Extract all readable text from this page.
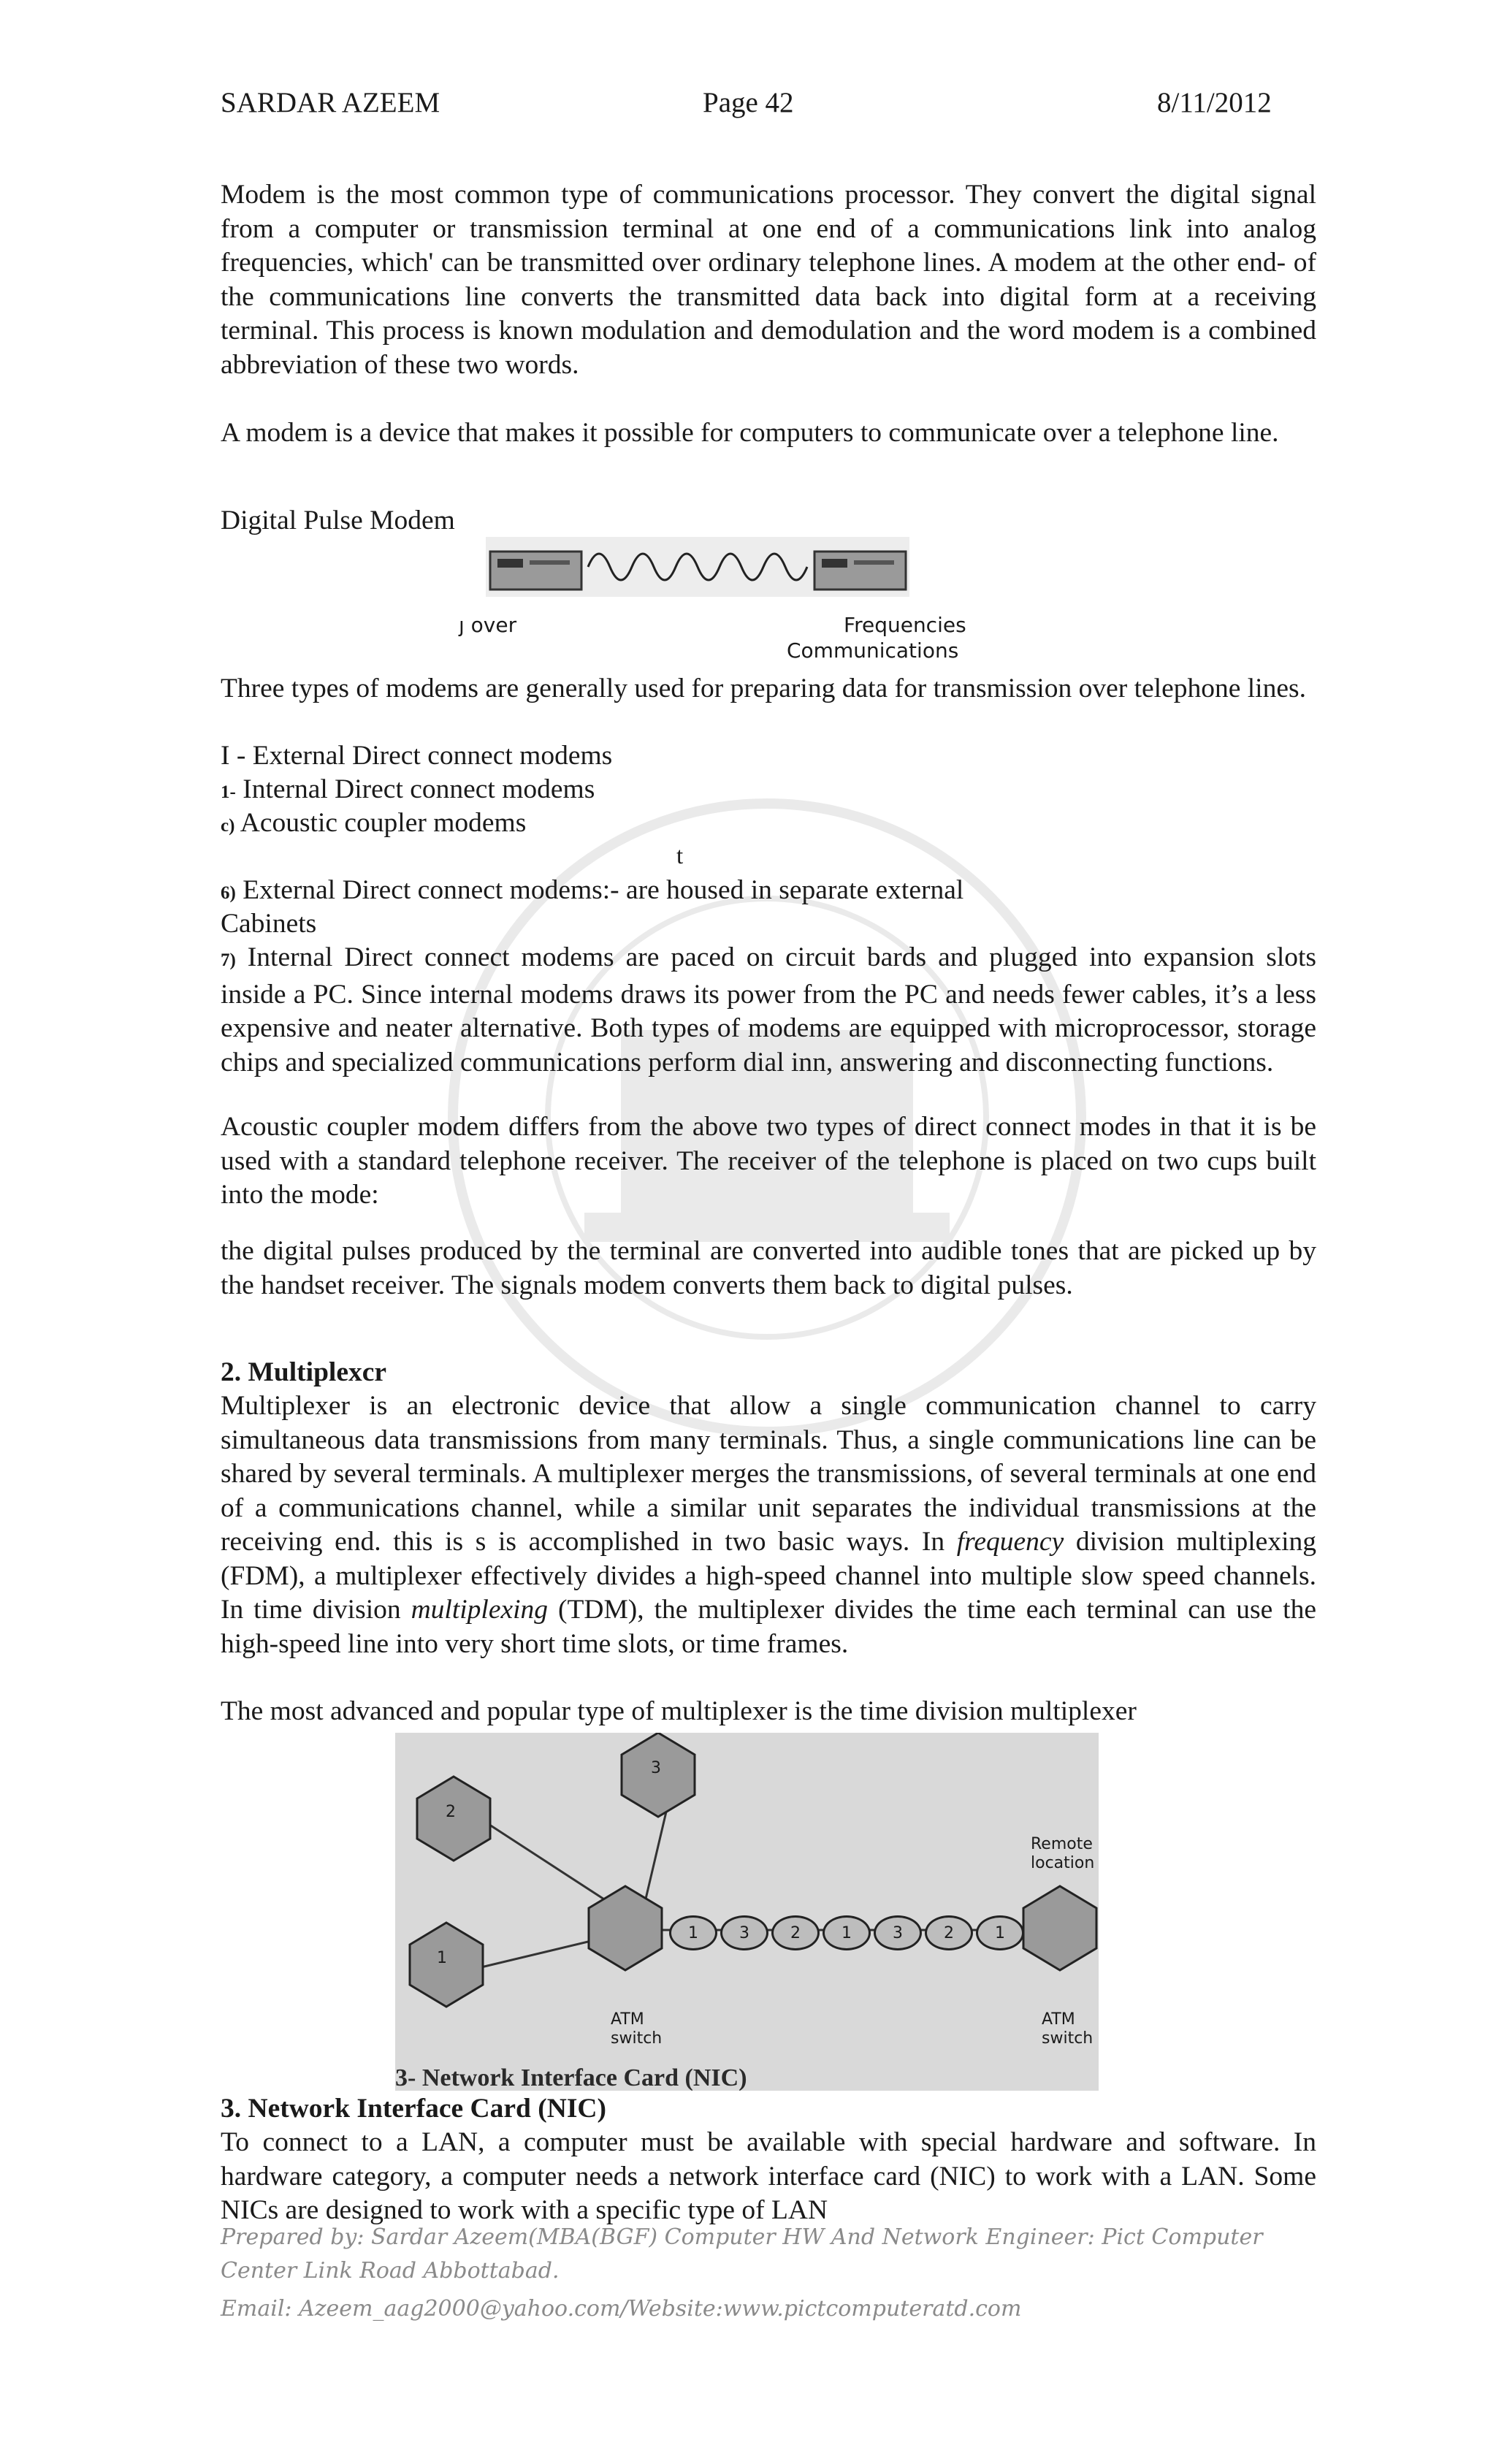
SARDAR AZEEM	Page 42	8/11/2012

Modem is the most common type of communications processor. They convert the digital signal from a computer or transmission terminal at one end of a communications link into analog frequencies, which' can be transmitted over ordinary telephone lines. A modem at the other end- of the communications line converts the transmitted data back into digital form at a receiving terminal. This process is known modulation and demodulation and the word modem is a combined abbreviation of these two words.

A modem is a device that makes it possible for computers to communicate over a telephone line.

Digital Pulse Modem
ȷ over	Frequencies
Communications

Three types of modems are generally used for preparing data for transmission over telephone lines.

I - External Direct connect modems
1- Internal Direct connect modems
c) Acoustic coupler modems
t
6) External Direct connect modems:- are housed in separate external
Cabinets
7) Internal Direct connect modems are paced on circuit bards and plugged into expansion slots inside a PC. Since internal modems draws its power from the PC and needs fewer cables, it’s a less expensive and neater alternative. Both types of modems are equipped with microprocessor, storage chips and specialized communications perform dial inn, answering and disconnecting functions.

Acoustic coupler modem differs from the above two types of direct connect modes in that it is be used with a standard telephone receiver. The receiver of the telephone is placed on two cups built into the mode:

the digital pulses produced by the terminal are converted into audible tones that are picked up by the handset receiver. The signals modem converts them back to digital pulses.

2. Multiplexcr

Multiplexer is an electronic device that allow a single communication channel to carry simultaneous data transmissions from many terminals. Thus, a single communications line can be shared by several terminals. A multiplexer merges the transmissions, of several terminals at one end of a communications channel, while a similar unit separates the individual transmissions at the receiving end. this is s is accomplished in two basic ways. In frequency division multiplexing (FDM), a multiplexer effectively divides a high-speed channel into multiple slow speed channels. In time division multiplexing (TDM), the multiplexer divides the time each terminal can use the high-speed line into very short time slots, or time frames.

The most advanced and popular type of multiplexer is the time division multiplexer
1
2
3
1	3	2	1	3	2	1
ATM
switch
ATM
switch
Remote
location
3- Network Interface Card (NIC)
3. Network Interface Card (NIC)

To connect to a LAN, a computer must be available with special hardware and software. In hardware category, a computer needs a network interface card (NIC) to work with a LAN. Some NICs are designed to work with a specific type of LAN

Prepared by: Sardar Azeem(MBA(BGF) Computer HW And Network Engineer: Pict Computer
Center Link Road Abbottabad.
Email: Azeem_aag2000@yahoo.com/Website:www.pictcomputeratd.com
